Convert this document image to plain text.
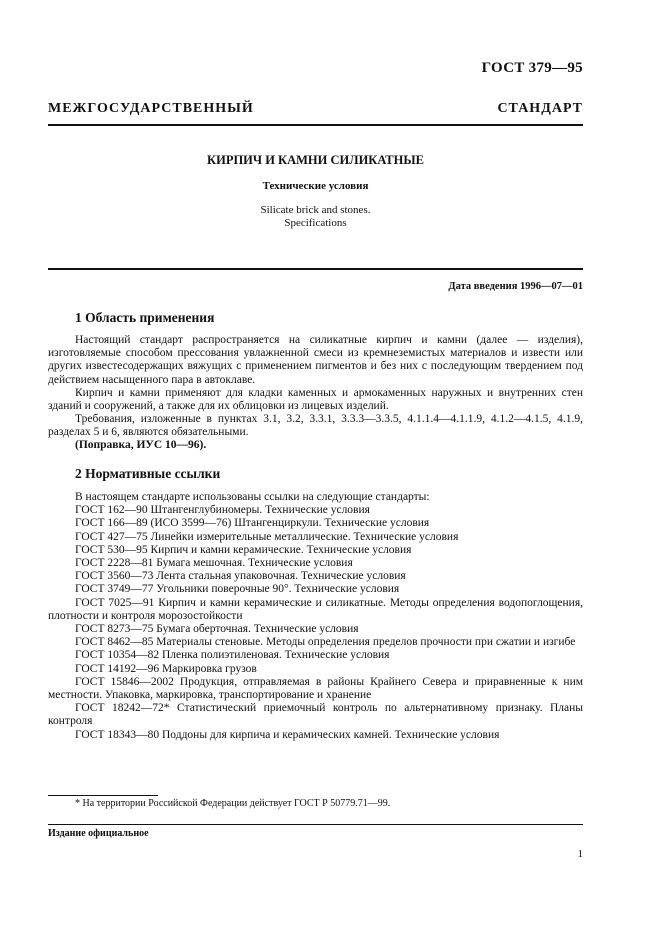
ГОСТ 379—95
МЕЖГОСУДАРСТВЕННЫЙ СТАНДАРТ
КИРПИЧ И КАМНИ СИЛИКАТНЫЕ
Технические условия
Silicate brick and stones.
Specifications
Дата введения 1996—07—01
1 Область применения
Настоящий стандарт распространяется на силикатные кирпич и камни (далее — изделия), изготовляемые способом прессования увлажненной смеси из кремнеземистых материалов и извести или других известесодержащих вяжущих с применением пигментов и без них с последующим твердением под действием насыщенного пара в автоклаве.
Кирпич и камни применяют для кладки каменных и армокаменных наружных и внутренних стен зданий и сооружений, а также для их облицовки из лицевых изделий.
Требования, изложенные в пунктах 3.1, 3.2, 3.3.1, 3.3.3—3.3.5, 4.1.1.4—4.1.1.9, 4.1.2—4.1.5, 4.1.9, разделах 5 и 6, являются обязательными.
(Поправка, ИУС 10—96).
2 Нормативные ссылки
В настоящем стандарте использованы ссылки на следующие стандарты:
ГОСТ 162—90 Штангенглубиномеры. Технические условия
ГОСТ 166—89 (ИСО 3599—76) Штангенциркули. Технические условия
ГОСТ 427—75 Линейки измерительные металлические. Технические условия
ГОСТ 530—95 Кирпич и камни керамические. Технические условия
ГОСТ 2228—81 Бумага мешочная. Технические условия
ГОСТ 3560—73 Лента стальная упаковочная. Технические условия
ГОСТ 3749—77 Угольники поверочные 90°. Технические условия
ГОСТ 7025—91 Кирпич и камни керамические и силикатные. Методы определения водопоглощения, плотности и контроля морозостойкости
ГОСТ 8273—75 Бумага оберточная. Технические условия
ГОСТ 8462—85 Материалы стеновые. Методы определения пределов прочности при сжатии и изгибе
ГОСТ 10354—82 Пленка полиэтиленовая. Технические условия
ГОСТ 14192—96 Маркировка грузов
ГОСТ 15846—2002 Продукция, отправляемая в районы Крайнего Севера и приравненные к ним местности. Упаковка, маркировка, транспортирование и хранение
ГОСТ 18242—72* Статистический приемочный контроль по альтернативному признаку. Планы контроля
ГОСТ 18343—80 Поддоны для кирпича и керамических камней. Технические условия
* На территории Российской Федерации действует ГОСТ Р 50779.71—99.
Издание официальное
1
